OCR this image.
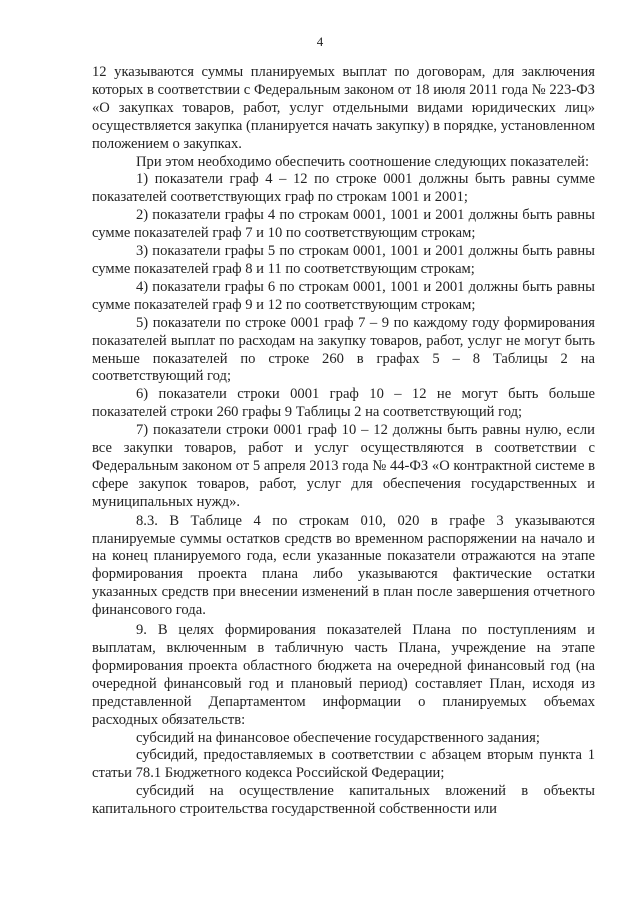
4

12 указываются суммы планируемых выплат по договорам, для заключения которых в соответствии с Федеральным законом от 18 июля 2011 года № 223-ФЗ «О закупках товаров, работ, услуг отдельными видами юридических лиц» осуществляется закупка (планируется начать закупку) в порядке, установленном положением о закупках.

При этом необходимо обеспечить соотношение следующих показателей:

1) показатели граф 4 – 12 по строке 0001 должны быть равны сумме показателей соответствующих граф по строкам 1001 и 2001;

2) показатели графы 4 по строкам 0001, 1001 и 2001 должны быть равны сумме показателей граф 7 и 10 по соответствующим строкам;

3) показатели графы 5 по строкам 0001, 1001 и 2001 должны быть равны сумме показателей граф 8 и 11 по соответствующим строкам;

4) показатели графы 6 по строкам 0001, 1001 и 2001 должны быть равны сумме показателей граф 9 и 12 по соответствующим строкам;

5) показатели по строке 0001 граф 7 – 9 по каждому году формирования показателей выплат по расходам на закупку товаров, работ, услуг не могут быть меньше показателей по строке 260 в графах 5 – 8 Таблицы 2 на соответствующий год;

6) показатели строки 0001 граф 10 – 12 не могут быть больше показателей строки 260 графы 9 Таблицы 2 на соответствующий год;

7) показатели строки 0001 граф 10 – 12 должны быть равны нулю, если все закупки товаров, работ и услуг осуществляются в соответствии с Федеральным законом от 5 апреля 2013 года № 44-ФЗ «О контрактной системе в сфере закупок товаров, работ, услуг для обеспечения государственных и муниципальных нужд».

8.3. В Таблице 4 по строкам 010, 020 в графе 3 указываются планируемые суммы остатков средств во временном распоряжении на начало и на конец планируемого года, если указанные показатели отражаются на этапе формирования проекта плана либо указываются фактические остатки указанных средств при внесении изменений в план после завершения отчетного финансового года.

9. В целях формирования показателей Плана по поступлениям и выплатам, включенным в табличную часть Плана, учреждение на этапе формирования проекта областного бюджета на очередной финансовый год (на очередной финансовый год и плановый период) составляет План, исходя из представленной Департаментом информации о планируемых объемах расходных обязательств:

субсидий на финансовое обеспечение государственного задания;

субсидий, предоставляемых в соответствии с абзацем вторым пункта 1 статьи 78.1 Бюджетного кодекса Российской Федерации;

субсидий на осуществление капитальных вложений в объекты капитального строительства государственной собственности или
